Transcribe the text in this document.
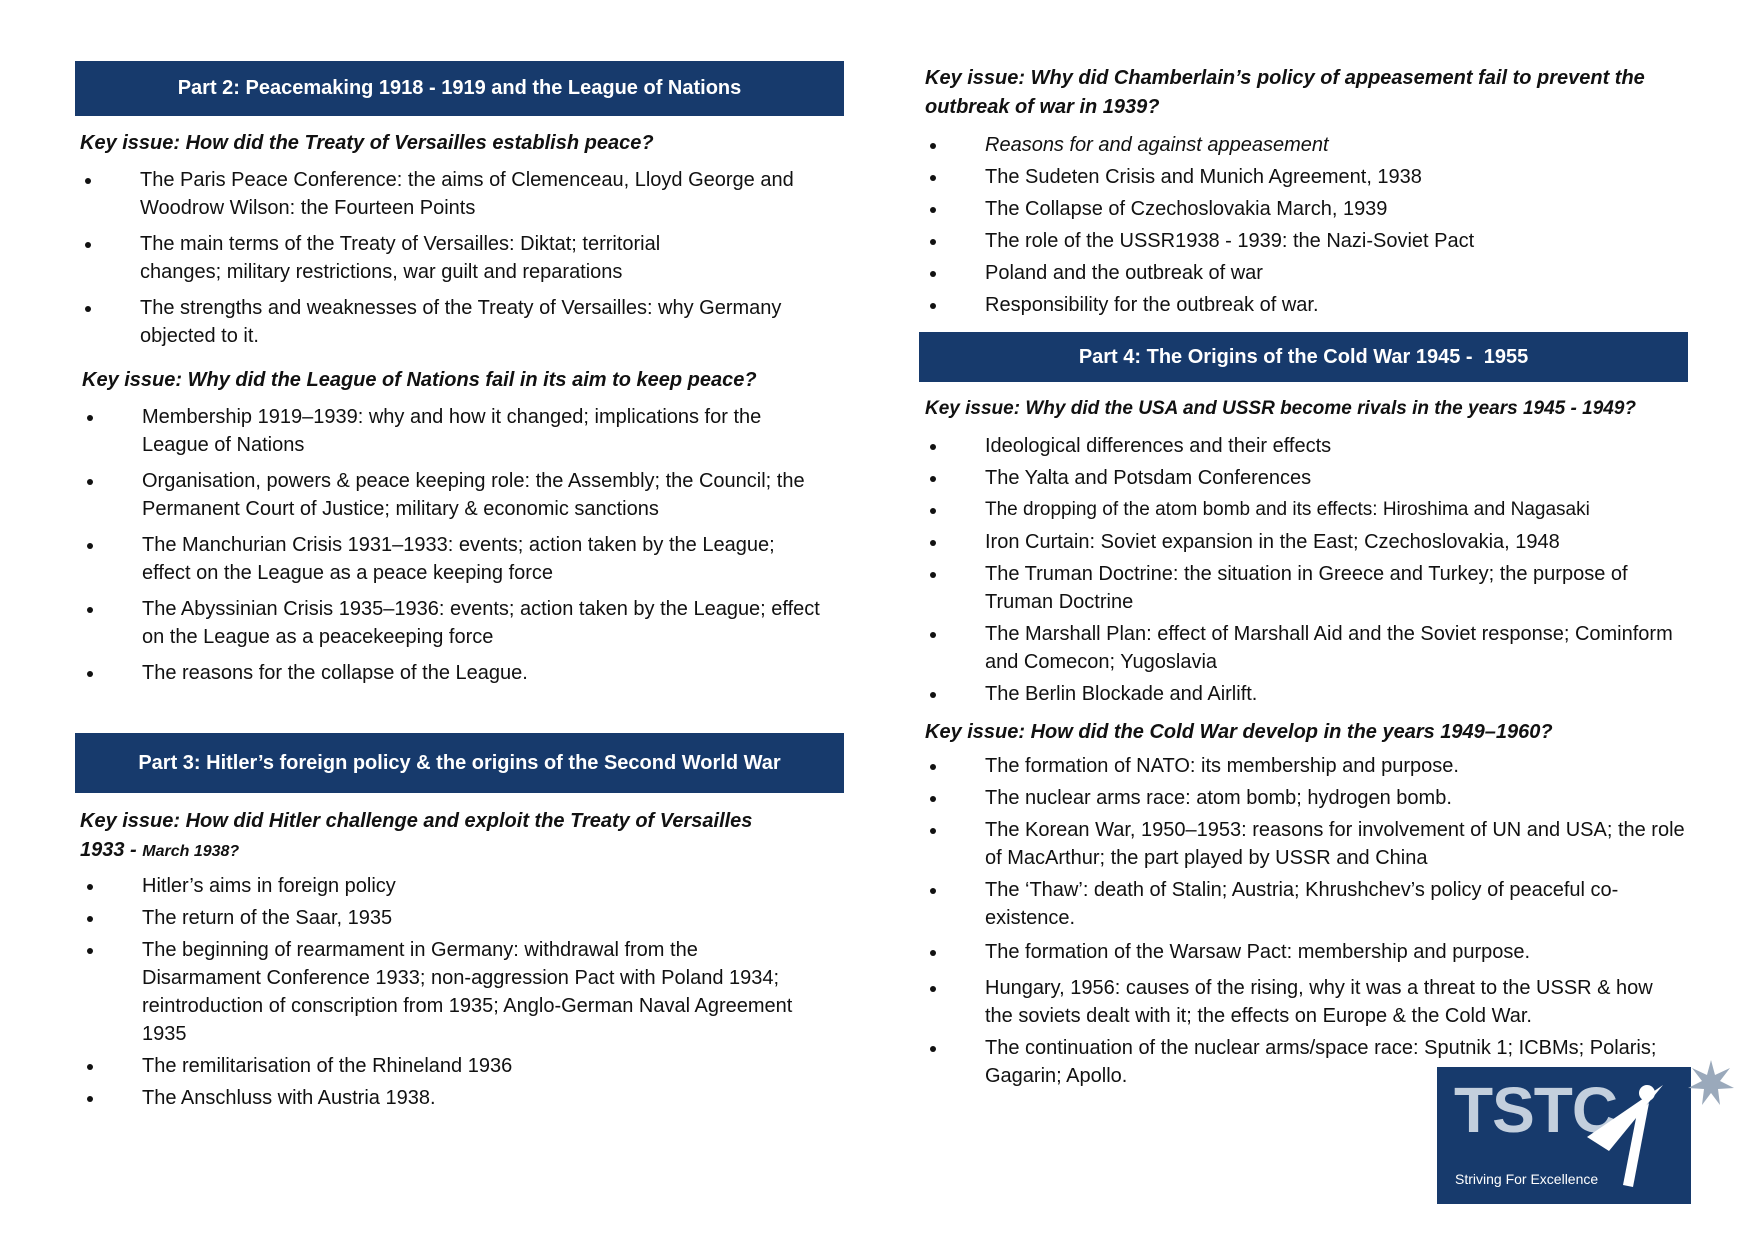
Part 2: Peacemaking 1918 - 1919 and the League of Nations
Key issue: How did the Treaty of Versailles establish peace?
The Paris Peace Conference: the aims of Clemenceau, Lloyd George and Woodrow Wilson: the Fourteen Points
The main terms of the Treaty of Versailles: Diktat; territorial changes; military restrictions, war guilt and reparations
The strengths and weaknesses of the Treaty of Versailles: why Germany objected to it.
Key issue: Why did the League of Nations fail in its aim to keep peace?
Membership 1919–1939: why and how it changed; implications for the League of Nations
Organisation, powers & peace keeping role: the Assembly; the Council; the Permanent Court of Justice; military & economic sanctions
The Manchurian Crisis 1931–1933: events; action taken by the League; effect on the League as a peace keeping force
The Abyssinian Crisis 1935–1936: events; action taken by the League; effect on the League as a peacekeeping force
The reasons for the collapse of the League.
Part 3: Hitler’s foreign policy & the origins of the Second World War
Key issue: How did Hitler challenge and exploit the Treaty of Versailles
1933 - March 1938?
Hitler’s aims in foreign policy
The return of the Saar, 1935
The beginning of rearmament in Germany: withdrawal from the Disarmament Conference 1933; non-aggression Pact with Poland 1934; reintroduction of conscription from 1935; Anglo-German Naval Agreement 1935
The remilitarisation of the Rhineland 1936
The Anschluss with Austria 1938.
Key issue: Why did Chamberlain’s policy of appeasement fail to prevent the outbreak of war in 1939?
Reasons for and against appeasement
The Sudeten Crisis and Munich Agreement, 1938
The Collapse of Czechoslovakia March, 1939
The role of the USSR1938 - 1939: the Nazi-Soviet Pact
Poland and the outbreak of war
Responsibility for the outbreak of war.
Part 4: The Origins of the Cold War 1945 -  1955
Key issue: Why did the USA and USSR become rivals in the years 1945 - 1949?
Ideological differences and their effects
The Yalta and Potsdam Conferences
The dropping of the atom bomb and its effects: Hiroshima and Nagasaki
Iron Curtain: Soviet expansion in the East; Czechoslovakia, 1948
The Truman Doctrine: the situation in Greece and Turkey; the purpose of Truman Doctrine
The Marshall Plan: effect of Marshall Aid and the Soviet response; Cominform and Comecon; Yugoslavia
The Berlin Blockade and Airlift.
Key issue: How did the Cold War develop in the years 1949–1960?
The formation of NATO: its membership and purpose.
The nuclear arms race: atom bomb; hydrogen bomb.
The Korean War, 1950–1953: reasons for involvement of UN and USA; the role of MacArthur; the part played by USSR and China
The ‘Thaw’: death of Stalin; Austria; Khrushchev’s policy of peaceful co-existence.
The formation of the Warsaw Pact: membership and purpose.
Hungary, 1956: causes of the rising, why it was a threat to the USSR & how the soviets dealt with it; the effects on Europe & the Cold War.
The continuation of the nuclear arms/space race: Sputnik 1; ICBMs; Polaris; Gagarin; Apollo.	TSTC
Striving For Excellence
